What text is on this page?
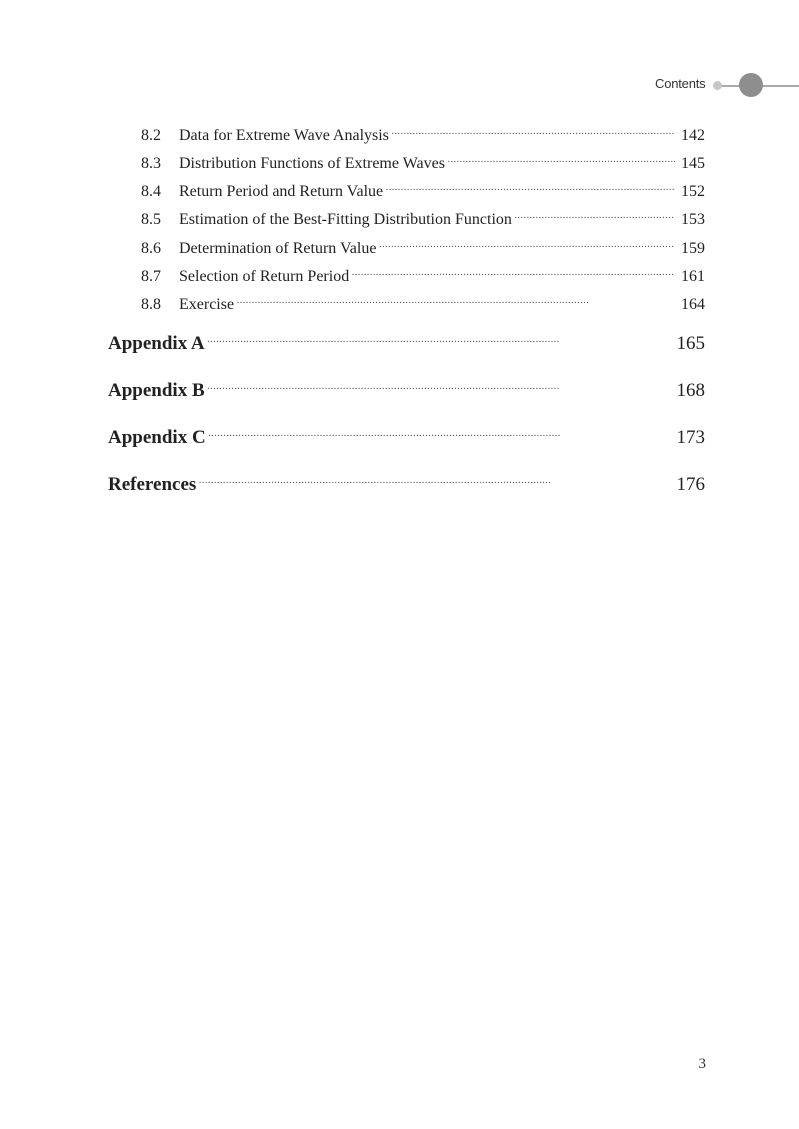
Contents
8.2	Data for Extreme Wave Analysis · · ·	142
8.3	Distribution Functions of Extreme Waves · · ·	145
8.4	Return Period and Return Value · · ·	152
8.5	Estimation of the Best-Fitting Distribution Function · · ·	153
8.6	Determination of Return Value · · ·	159
8.7	Selection of Return Period · · ·	161
8.8	Exercise · · ·	164
Appendix A · · ·	165
Appendix B · · ·	168
Appendix C · · ·	173
References · · ·	176
3
